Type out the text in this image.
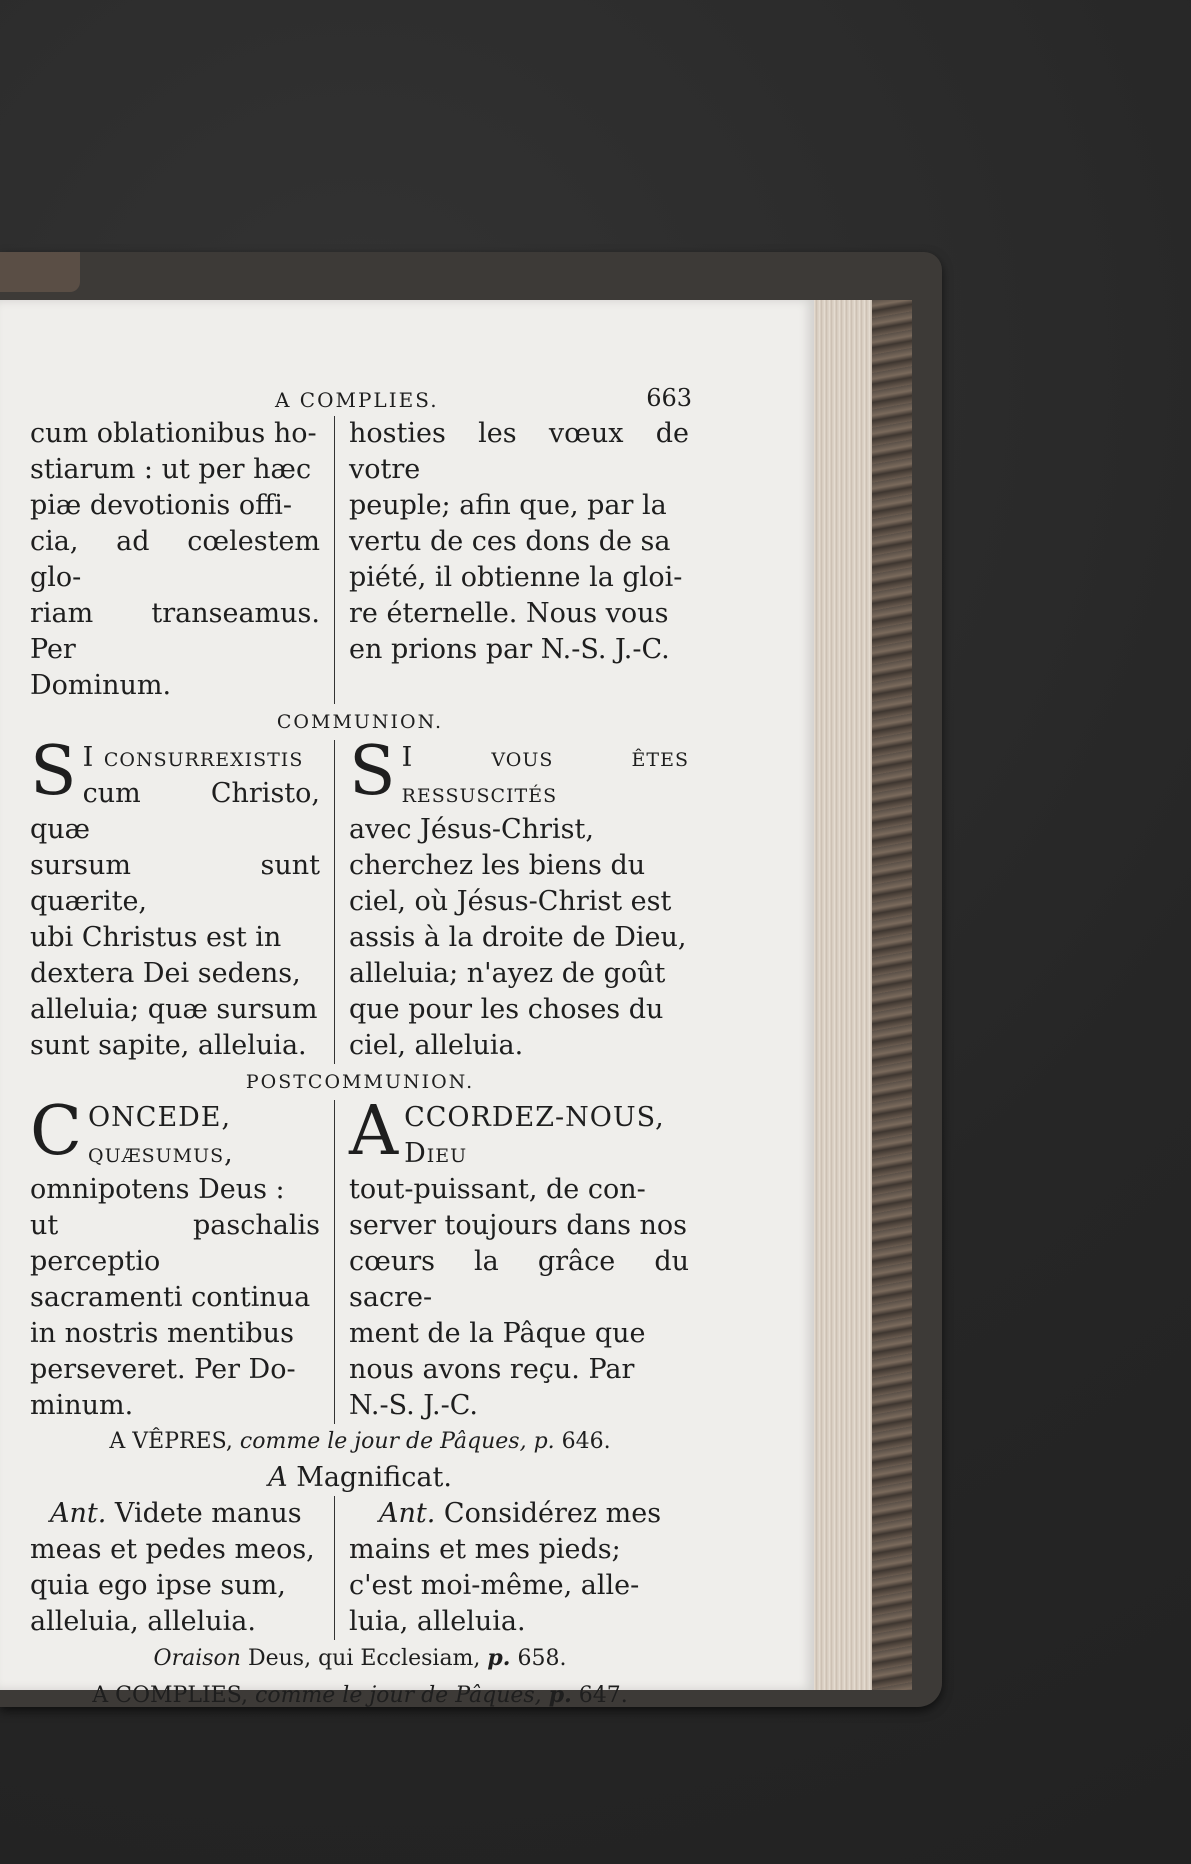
A COMPLIES.	663
cum oblationibus ho-
stiarum : ut per hæc
piæ devotionis offi-
cia, ad cœlestem glo-
riam transeamus. Per
Dominum.
hosties les vœux de votre
peuple; afin que, par la
vertu de ces dons de sa
piété, il obtienne la gloi-
re éternelle. Nous vous
en prions par N.-S. J.-C.
COMMUNION.
S I consurrexistis
cum Christo, quæ
sursum sunt quærite,
ubi Christus est in
dextera Dei sedens,
alleluia; quæ sursum
sunt sapite, alleluia.
S I vous êtes ressuscités
avec Jésus-Christ,
cherchez les biens du
ciel, où Jésus-Christ est
assis à la droite de Dieu,
alleluia; n'ayez de goût
que pour les choses du
ciel, alleluia.
POSTCOMMUNION.
C ONCEDE, quæsumus,
omnipotens Deus :
ut paschalis perceptio
sacramenti continua
in nostris mentibus
perseveret. Per Do-
minum.
A CCORDEZ-NOUS, Dieu
tout-puissant, de con-
server toujours dans nos
cœurs la grâce du sacre-
ment de la Pâque que
nous avons reçu. Par
N.-S. J.-C.
A VÊPRES, comme le jour de Pâques, p. 646.
A Magnificat.
Ant. Videte manus
meas et pedes meos,
quia ego ipse sum,
alleluia, alleluia.
Ant. Considérez mes
mains et mes pieds;
c'est moi-même, alle-
luia, alleluia.
Oraison Deus, qui Ecclesiam, p. 658.
A COMPLIES, comme le jour de Pâques, p. 647.
